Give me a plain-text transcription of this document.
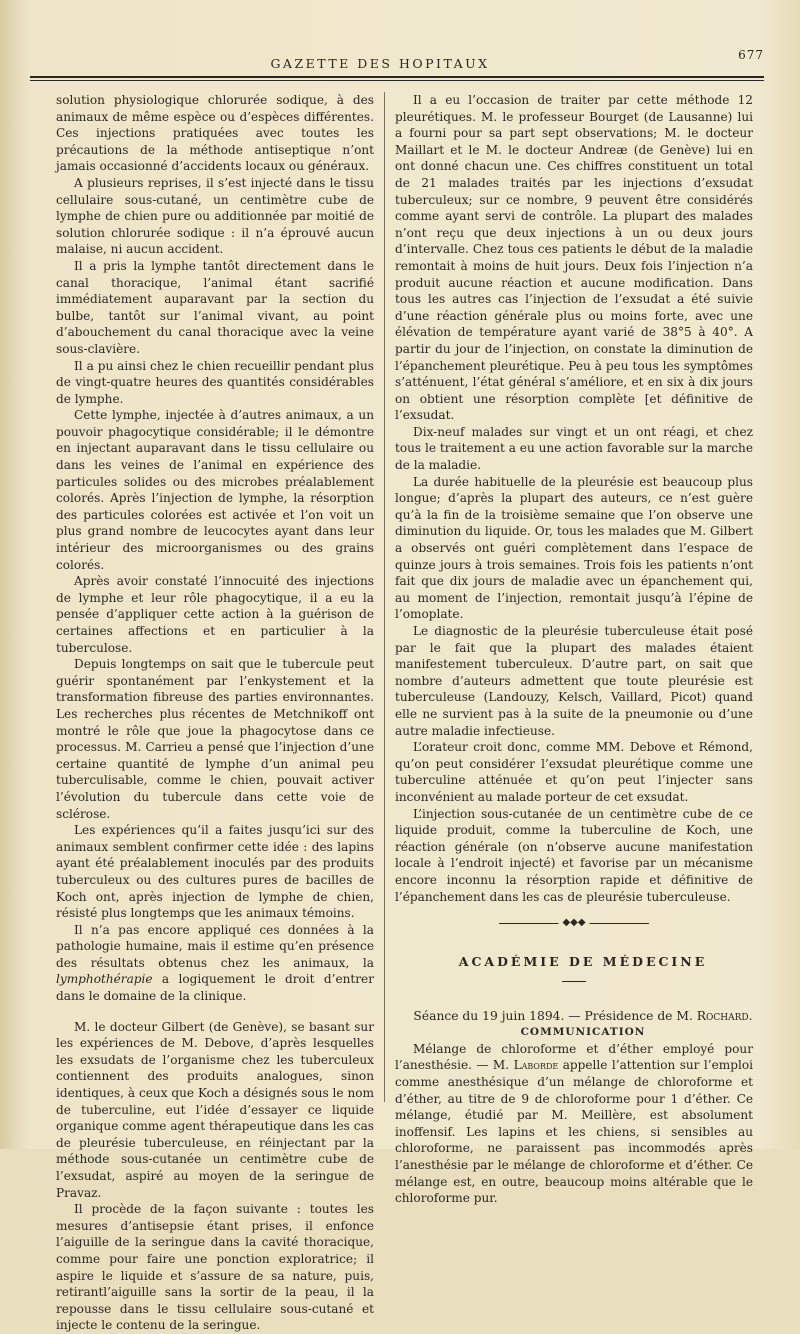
GAZETTE DES HOPITAUX
677

solution physiologique chlorurée sodique, à des animaux de même espèce ou d’espèces différentes. Ces injections pratiquées avec toutes les précautions de la méthode antiseptique n’ont jamais occasionné d’accidents locaux ou généraux.

A plusieurs reprises, il s’est injecté dans le tissu cellulaire sous-cutané, un centimètre cube de lymphe de chien pure ou additionnée par moitié de solution chlorurée sodique : il n’a éprouvé aucun malaise, ni aucun accident.

Il a pris la lymphe tantôt directement dans le canal thoracique, l’animal étant sacrifié immédiatement auparavant par la section du bulbe, tantôt sur l’animal vivant, au point d’abouchement du canal thoracique avec la veine sous-clavière.

Il a pu ainsi chez le chien recueillir pendant plus de vingt-quatre heures des quantités considérables de lymphe.

Cette lymphe, injectée à d’autres animaux, a un pouvoir phagocytique considérable; il le démontre en injectant auparavant dans le tissu cellulaire ou dans les veines de l’animal en expérience des particules solides ou des microbes préalablement colorés. Après l’injection de lymphe, la résorption des particules colorées est activée et l’on voit un plus grand nombre de leucocytes ayant dans leur intérieur des microorganismes ou des grains colorés.

Après avoir constaté l’innocuité des injections de lymphe et leur rôle phagocytique, il a eu la pensée d’appliquer cette action à la guérison de certaines affections et en particulier à la tuberculose.

Depuis longtemps on sait que le tubercule peut guérir spontanément par l’enkystement et la transformation fibreuse des parties environnantes. Les recherches plus récentes de Metchnikoff ont montré le rôle que joue la phagocytose dans ce processus. M. Carrieu a pensé que l’injection d’une certaine quantité de lymphe d’un animal peu tuberculisable, comme le chien, pouvait activer l’évolution du tubercule dans cette voie de sclérose.

Les expériences qu’il a faites jusqu’ici sur des animaux semblent confirmer cette idée : des lapins ayant été préalablement inoculés par des produits tuberculeux ou des cultures pures de bacilles de Koch ont, après injection de lymphe de chien, résisté plus longtemps que les animaux témoins.

Il n’a pas encore appliqué ces données à la pathologie humaine, mais il estime qu’en présence des résultats obtenus chez les animaux, la lymphothérapie a logiquement le droit d’entrer dans le domaine de la clinique.

M. le docteur Gilbert (de Genève), se basant sur les expériences de M. Debove, d’après lesquelles les exsudats de l’organisme chez les tuberculeux contiennent des produits analogues, sinon identiques, à ceux que Koch a désignés sous le nom de tuberculine, eut l’idée d’essayer ce liquide organique comme agent thérapeutique dans les cas de pleurésie tuberculeuse, en réinjectant par la méthode sous-cutanée un centimètre cube de l’exsudat, aspiré au moyen de la seringue de Pravaz.

Il procède de la façon suivante : toutes les mesures d’antisepsie étant prises, il enfonce l’aiguille de la seringue dans la cavité thoracique, comme pour faire une ponction exploratrice; il aspire le liquide et s’assure de sa nature, puis, retirantl’aiguille sans la sortir de la peau, il la repousse dans le tissu cellulaire sous-cutané et injecte le contenu de la seringue.

Il a eu l’occasion de traiter par cette méthode 12 pleurétiques. M. le professeur Bourget (de Lausanne) lui a fourni pour sa part sept observations; M. le docteur Maillart et le M. le docteur Andreæ (de Genève) lui en ont donné chacun une. Ces chiffres constituent un total de 21 malades traités par les injections d’exsudat tuberculeux; sur ce nombre, 9 peuvent être considérés comme ayant servi de contrôle. La plupart des malades n’ont reçu que deux injections à un ou deux jours d’intervalle. Chez tous ces patients le début de la maladie remontait à moins de huit jours. Deux fois l’injection n’a produit aucune réaction et aucune modification. Dans tous les autres cas l’injection de l’exsudat a été suivie d’une réaction générale plus ou moins forte, avec une élévation de température ayant varié de 38°5 à 40°. A partir du jour de l’injection, on constate la diminution de l’épanchement pleurétique. Peu à peu tous les symptômes s’atténuent, l’état général s’améliore, et en six à dix jours on obtient une résorption complète [et définitive de l’exsudat.

Dix-neuf malades sur vingt et un ont réagi, et chez tous le traitement a eu une action favorable sur la marche de la maladie.

La durée habituelle de la pleurésie est beaucoup plus longue; d’après la plupart des auteurs, ce n’est guère qu’à la fin de la troisième semaine que l’on observe une diminution du liquide. Or, tous les malades que M. Gilbert a observés ont guéri complètement dans l’espace de quinze jours à trois semaines. Trois fois les patients n’ont fait que dix jours de maladie avec un épanchement qui, au moment de l’injection, remontait jusqu’à l’épine de l’omoplate.

Le diagnostic de la pleurésie tuberculeuse était posé par le fait que la plupart des malades étaient manifestement tuberculeux. D’autre part, on sait que nombre d’auteurs admettent que toute pleurésie est tuberculeuse (Landouzy, Kelsch, Vaillard, Picot) quand elle ne survient pas à la suite de la pneumonie ou d’une autre maladie infectieuse.

L’orateur croit donc, comme MM. Debove et Rémond, qu’on peut considérer l’exsudat pleurétique comme une tuberculine atténuée et qu’on peut l’injecter sans inconvénient au malade porteur de cet exsudat.

L’injection sous-cutanée de un centimètre cube de ce liquide produit, comme la tuberculine de Koch, une réaction générale (on n’observe aucune manifestation locale à l’endroit injecté) et favorise par un mécanisme encore inconnu la résorption rapide et définitive de l’épanchement dans les cas de pleurésie tuberculeuse.

◆◆◆

ACADÉMIE DE MÉDECINE

Séance du 19 juin 1894. — Présidence de M. Rochard.

COMMUNICATION

Mélange de chloroforme et d’éther employé pour l’anesthésie. — M. Laborde appelle l’attention sur l’emploi comme anesthésique d’un mélange de chloroforme et d’éther, au titre de 9 de chloroforme pour 1 d’éther. Ce mélange, étudié par M. Meillère, est absolument inoffensif. Les lapins et les chiens, si sensibles au chloroforme, ne paraissent pas incommodés après l’anesthésie par le mélange de chloroforme et d’éther. Ce mélange est, en outre, beaucoup moins altérable que le chloroforme pur.
